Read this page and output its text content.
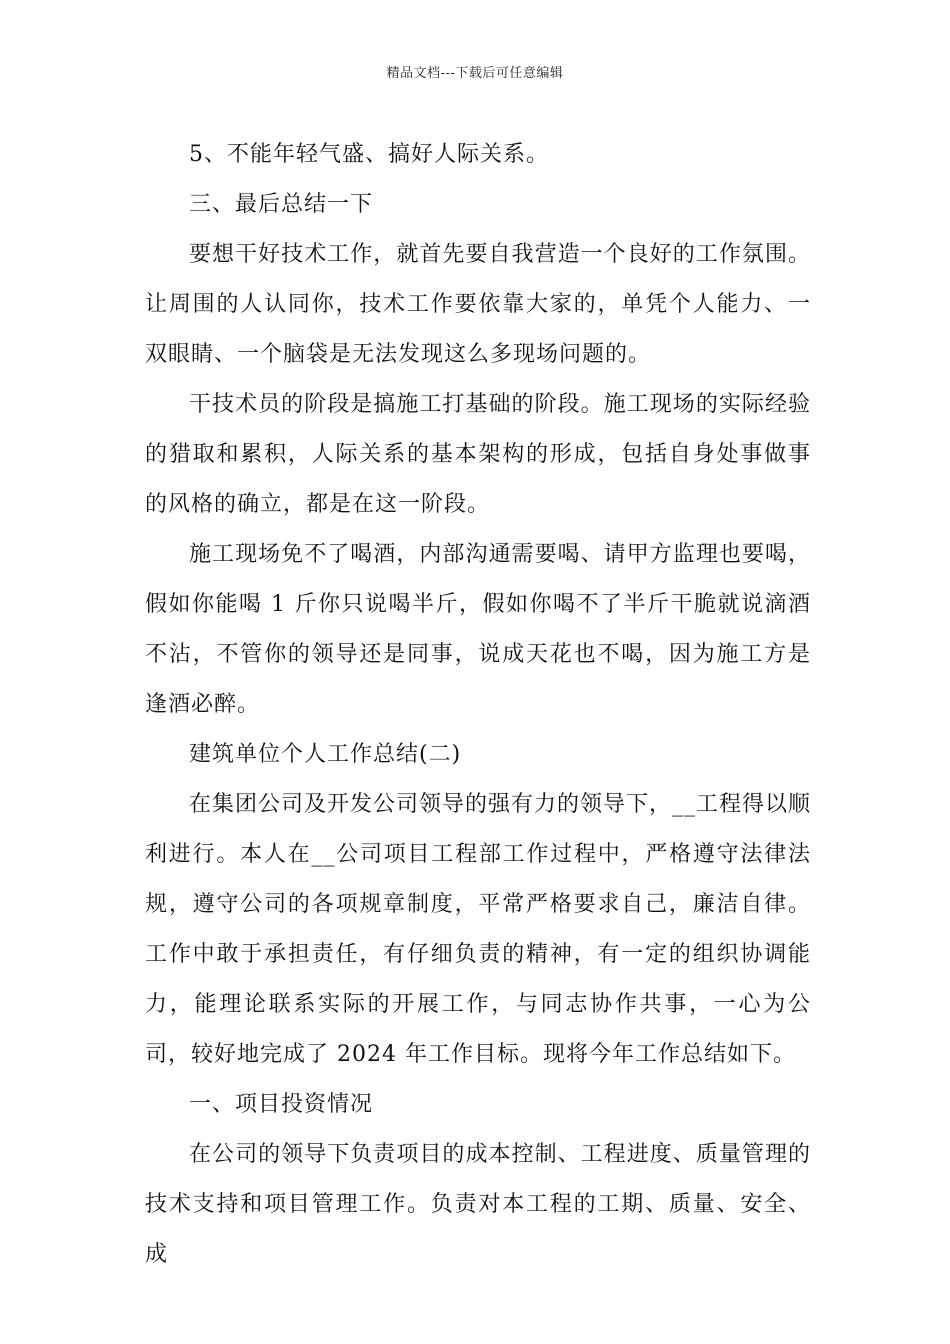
精品文档---下载后可任意编辑

5、不能年轻气盛、搞好人际关系。

三、最后总结一下

要想干好技术工作，就首先要自我营造一个良好的工作氛围。让周围的人认同你，技术工作要依靠大家的，单凭个人能力、一双眼睛、一个脑袋是无法发现这么多现场问题的。

干技术员的阶段是搞施工打基础的阶段。施工现场的实际经验的猎取和累积，人际关系的基本架构的形成，包括自身处事做事的风格的确立，都是在这一阶段。

施工现场免不了喝酒，内部沟通需要喝、请甲方监理也要喝，假如你能喝 1 斤你只说喝半斤，假如你喝不了半斤干脆就说滴酒不沾，不管你的领导还是同事，说成天花也不喝，因为施工方是逢酒必醉。

建筑单位个人工作总结(二)

在集团公司及开发公司领导的强有力的领导下，__工程得以顺利进行。本人在__公司项目工程部工作过程中，严格遵守法律法规，遵守公司的各项规章制度，平常严格要求自己，廉洁自律。工作中敢于承担责任，有仔细负责的精神，有一定的组织协调能力，能理论联系实际的开展工作，与同志协作共事，一心为公司，较好地完成了 2024 年工作目标。现将今年工作总结如下。

一、项目投资情况

在公司的领导下负责项目的成本控制、工程进度、质量管理的技术支持和项目管理工作。负责对本工程的工期、质量、安全、成
